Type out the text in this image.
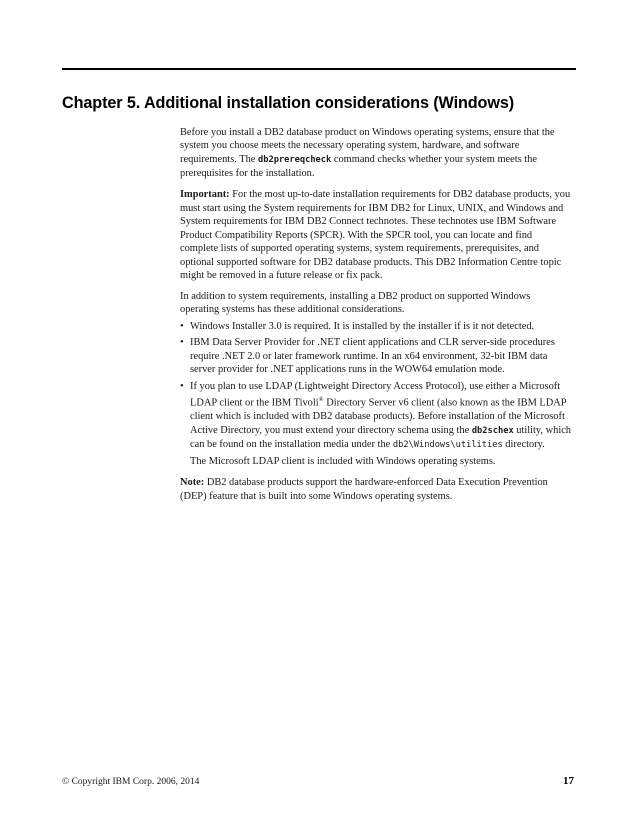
Chapter 5. Additional installation considerations (Windows)

Before you install a DB2 database product on Windows operating systems, ensure that the system you choose meets the necessary operating system, hardware, and software requirements. The db2prereqcheck command checks whether your system meets the prerequisites for the installation.

Important: For the most up-to-date installation requirements for DB2 database products, you must start using the System requirements for IBM DB2 for Linux, UNIX, and Windows and System requirements for IBM DB2 Connect technotes. These technotes use IBM Software Product Compatibility Reports (SPCR). With the SPCR tool, you can locate and find complete lists of supported operating systems, system requirements, prerequisites, and optional supported software for DB2 database products. This DB2 Information Centre topic might be removed in a future release or fix pack.

In addition to system requirements, installing a DB2 product on supported Windows operating systems has these additional considerations.

• Windows Installer 3.0 is required. It is installed by the installer if is it not detected.
• IBM Data Server Provider for .NET client applications and CLR server-side procedures require .NET 2.0 or later framework runtime. In an x64 environment, 32-bit IBM data server provider for .NET applications runs in the WOW64 emulation mode.
• If you plan to use LDAP (Lightweight Directory Access Protocol), use either a Microsoft LDAP client or the IBM Tivoli® Directory Server v6 client (also known as the IBM LDAP client which is included with DB2 database products). Before installation of the Microsoft Active Directory, you must extend your directory schema using the db2schex utility, which can be found on the installation media under the db2\Windows\utilities directory.

The Microsoft LDAP client is included with Windows operating systems.

Note: DB2 database products support the hardware-enforced Data Execution Prevention (DEP) feature that is built into some Windows operating systems.

© Copyright IBM Corp. 2006, 2014	17
